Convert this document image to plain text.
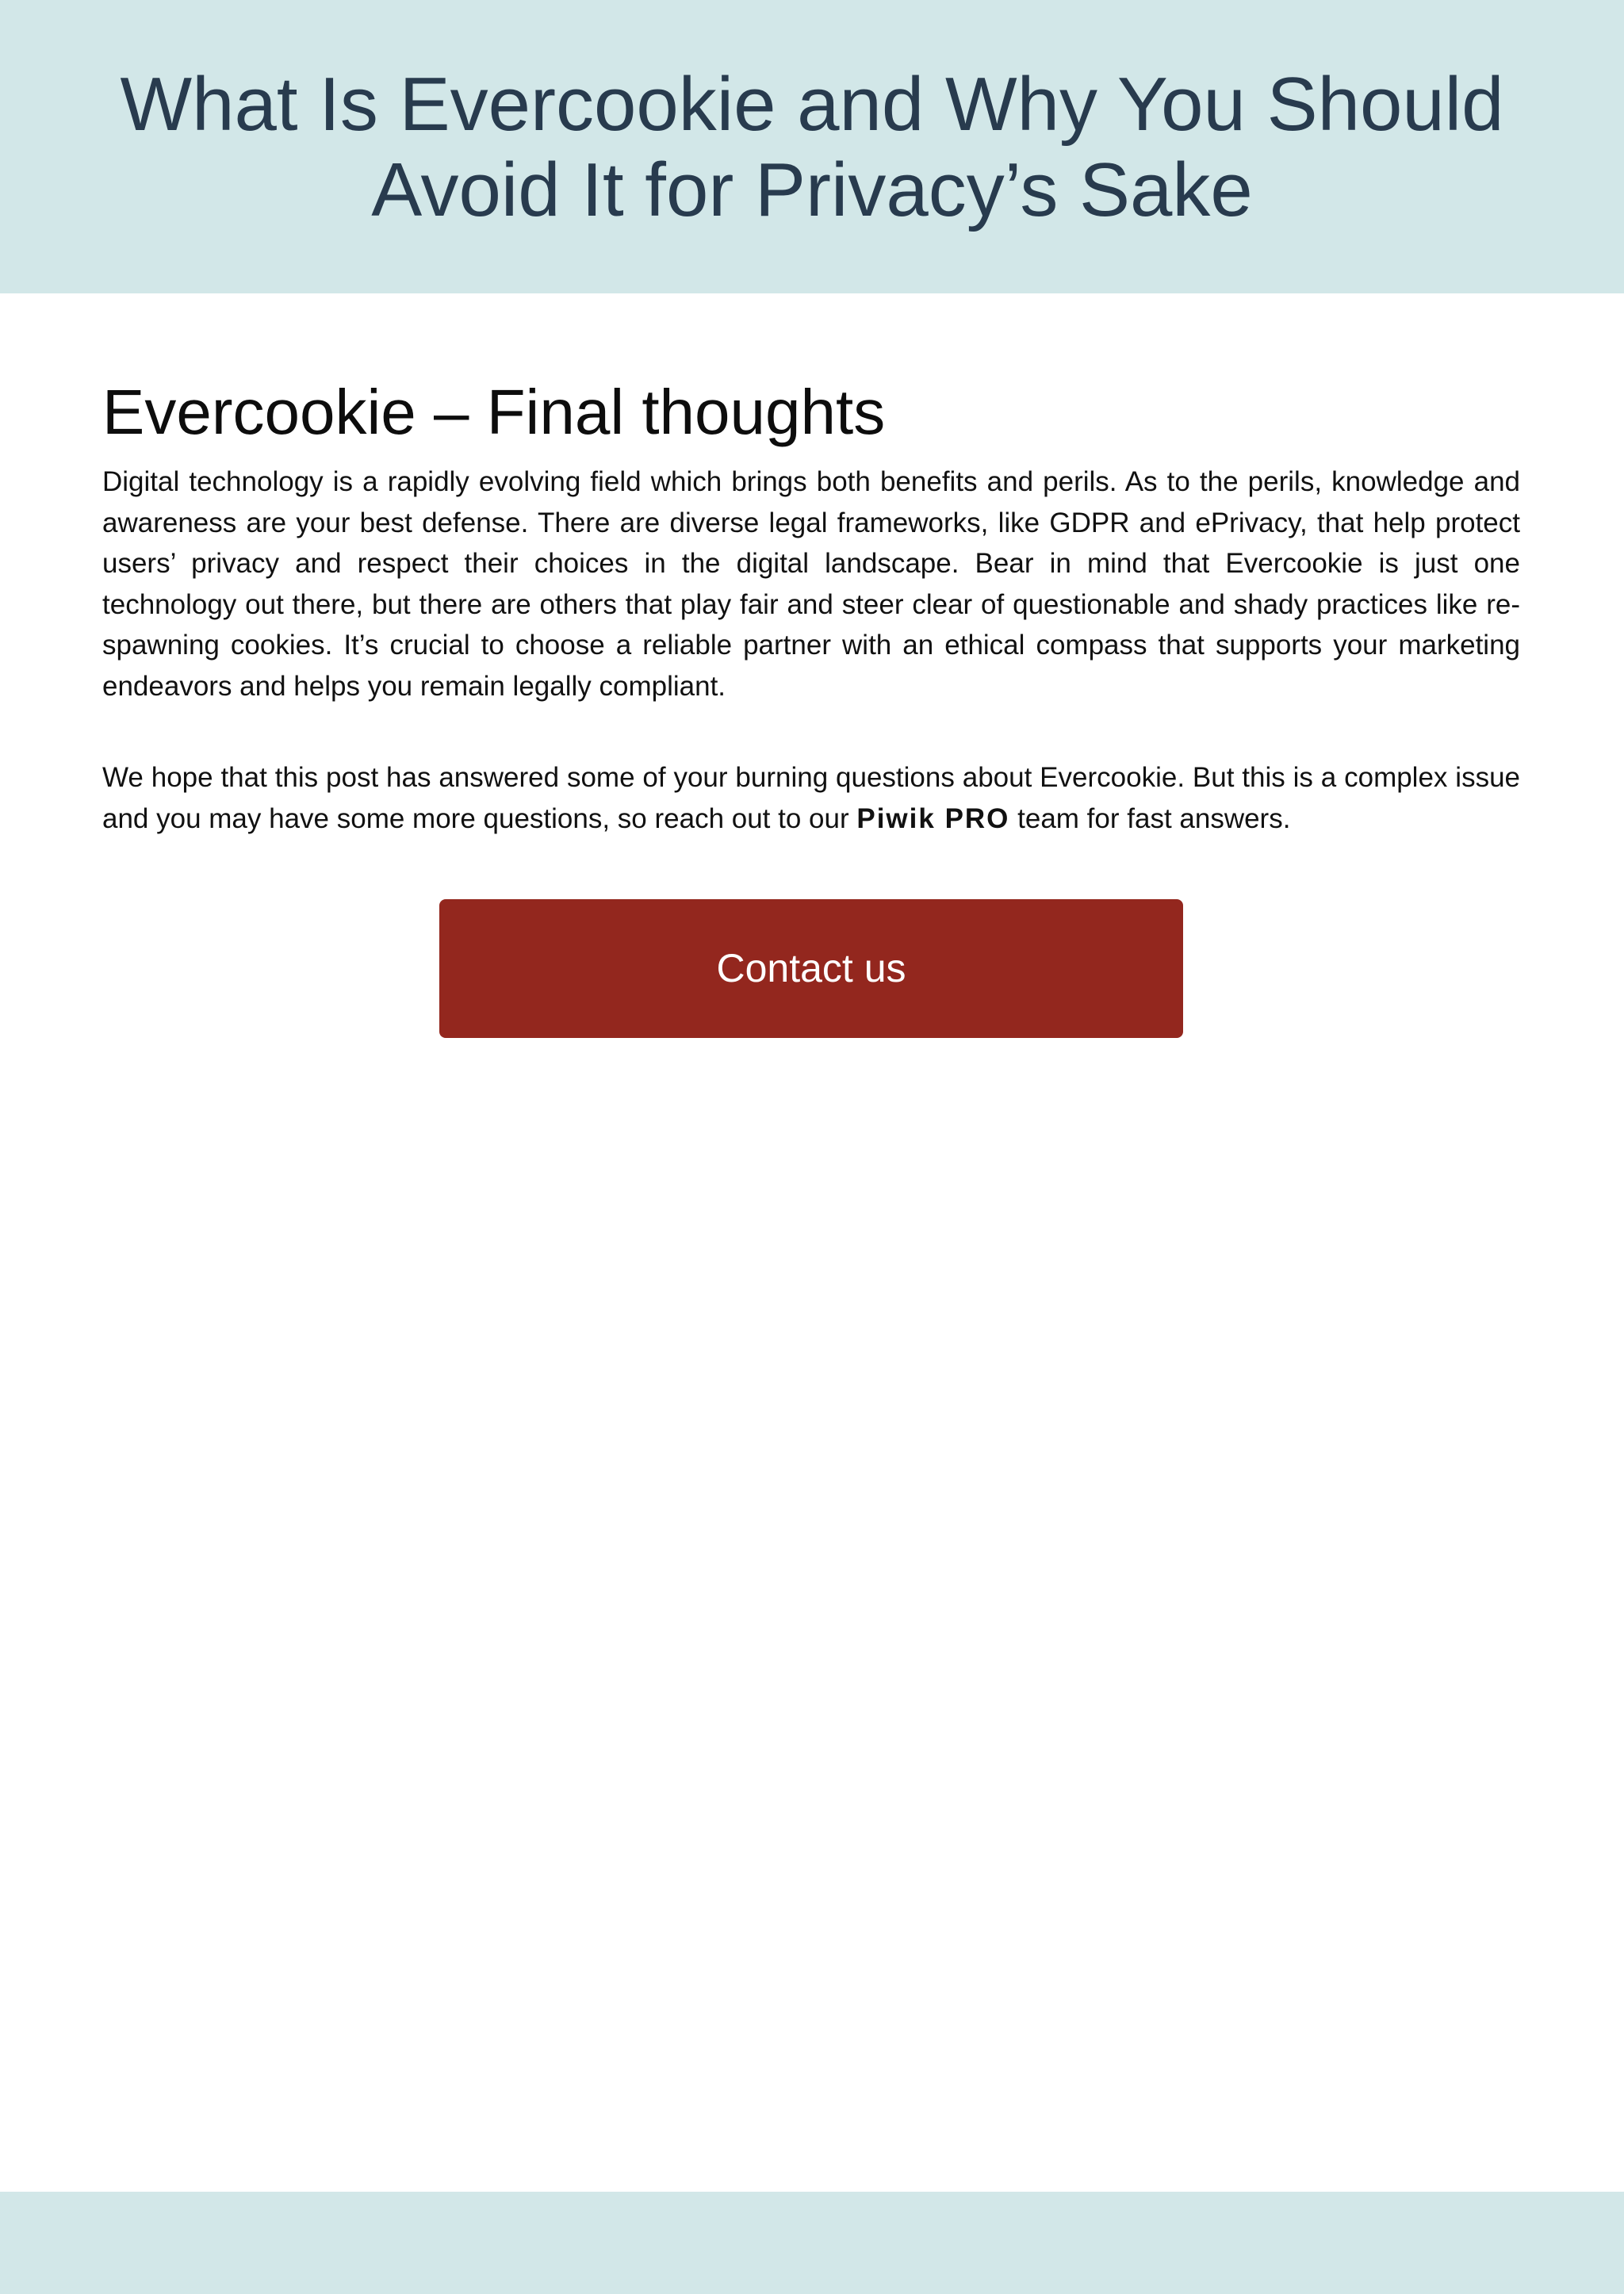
What Is Evercookie and Why You Should Avoid It for Privacy’s Sake
Evercookie – Final thoughts

Digital technology is a rapidly evolving field which brings both benefits and perils. As to the perils, knowledge and awareness are your best defense. There are diverse legal frameworks, like GDPR and ePrivacy, that help protect users’ privacy and respect their choices in the digital landscape. Bear in mind that Evercookie is just one technology out there, but there are others that play fair and steer clear of questionable and shady practices like re-spawning cookies. It’s crucial to choose a reliable partner with an ethical compass that supports your marketing endeavors and helps you remain legally compliant.

We hope that this post has answered some of your burning questions about Evercookie. But this is a complex issue and you may have some more questions, so reach out to our Piwik PRO team for fast answers.

Contact us
